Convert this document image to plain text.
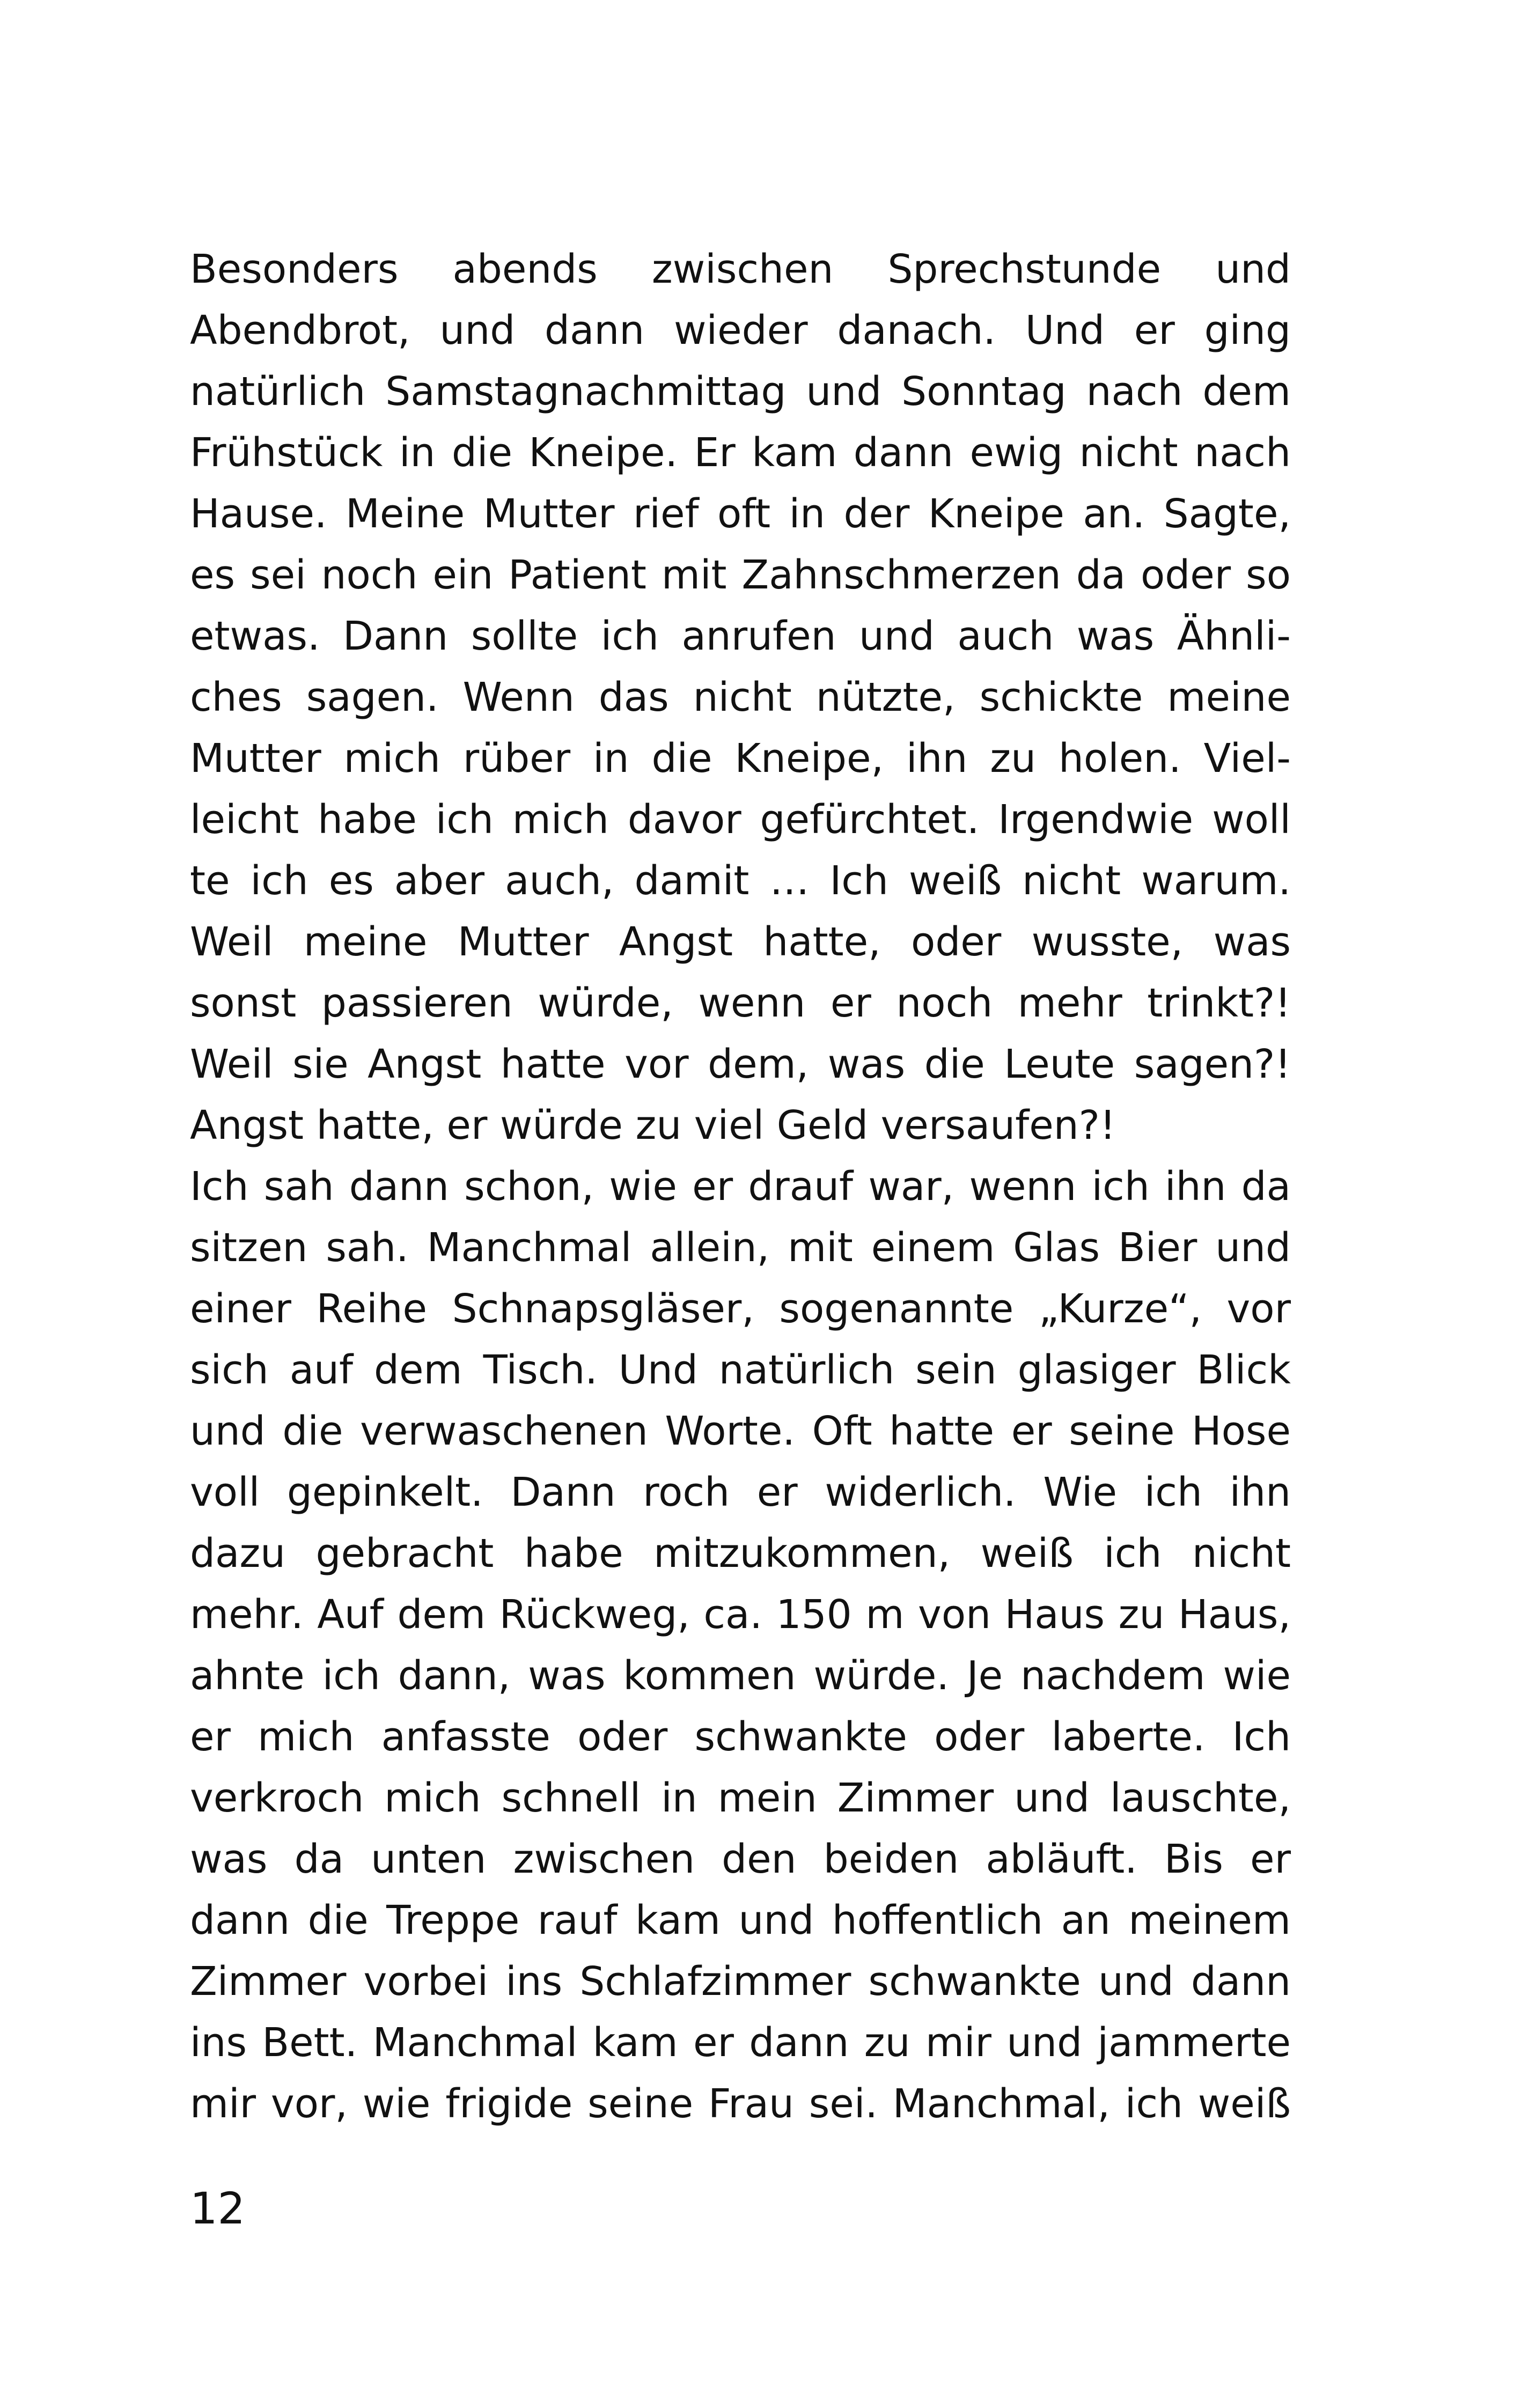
Besonders abends zwischen Sprechstunde und
Abendbrot, und dann wieder danach. Und er ging
natürlich Samstagnachmittag und Sonntag nach dem
Frühstück in die Kneipe. Er kam dann ewig nicht nach
Hause. Meine Mutter rief oft in der Kneipe an. Sagte,
es sei noch ein Patient mit Zahnschmerzen da oder so
etwas. Dann sollte ich anrufen und auch was Ähnli-
ches sagen. Wenn das nicht nützte, schickte meine
Mutter mich rüber in die Kneipe, ihn zu holen. Viel-
leicht habe ich mich davor gefürchtet. Irgendwie woll
te ich es aber auch, damit … Ich weiß nicht warum.
Weil meine Mutter Angst hatte, oder wusste, was
sonst passieren würde, wenn er noch mehr trinkt?!
Weil sie Angst hatte vor dem, was die Leute sagen?!
Angst hatte, er würde zu viel Geld versaufen?!
Ich sah dann schon, wie er drauf war, wenn ich ihn da
sitzen sah. Manchmal allein, mit einem Glas Bier und
einer Reihe Schnapsgläser, sogenannte „Kurze“, vor
sich auf dem Tisch. Und natürlich sein glasiger Blick
und die verwaschenen Worte. Oft hatte er seine Hose
voll gepinkelt. Dann roch er widerlich. Wie ich ihn
dazu gebracht habe mitzukommen, weiß ich nicht
mehr. Auf dem Rückweg, ca. 150 m von Haus zu Haus,
ahnte ich dann, was kommen würde. Je nachdem wie
er mich anfasste oder schwankte oder laberte. Ich
verkroch mich schnell in mein Zimmer und lauschte,
was da unten zwischen den beiden abläuft. Bis er
dann die Treppe rauf kam und hoffentlich an meinem
Zimmer vorbei ins Schlafzimmer schwankte und dann
ins Bett. Manchmal kam er dann zu mir und jammerte
mir vor, wie frigide seine Frau sei. Manchmal, ich weiß
12
